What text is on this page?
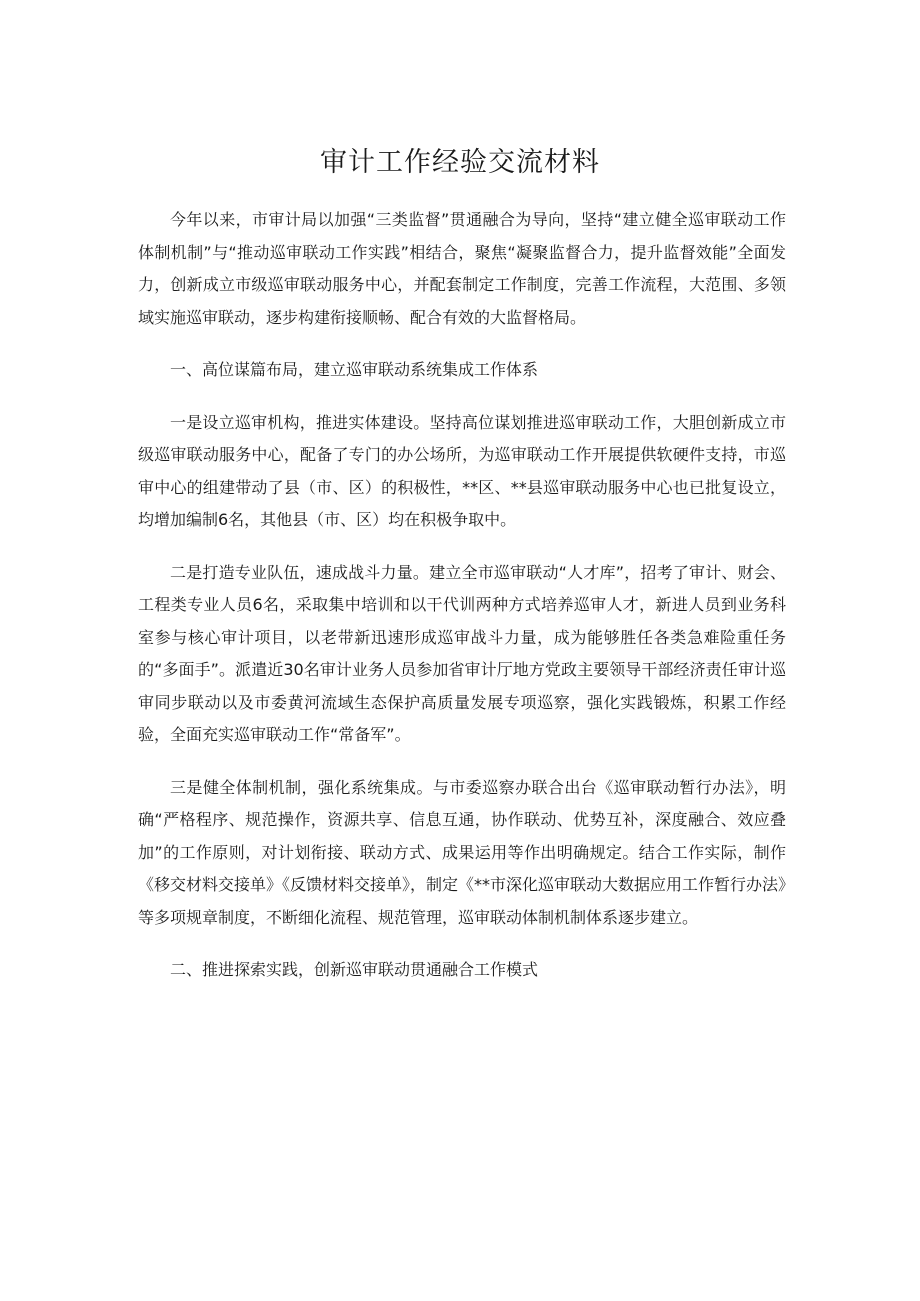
审计工作经验交流材料

今年以来，市审计局以加强“三类监督”贯通融合为导向，坚持“建立健全巡审联动工作体制机制”与“推动巡审联动工作实践”相结合，聚焦“凝聚监督合力，提升监督效能”全面发力，创新成立市级巡审联动服务中心，并配套制定工作制度，完善工作流程，大范围、多领域实施巡审联动，逐步构建衔接顺畅、配合有效的大监督格局。

一、高位谋篇布局，建立巡审联动系统集成工作体系

一是设立巡审机构，推进实体建设。坚持高位谋划推进巡审联动工作，大胆创新成立市级巡审联动服务中心，配备了专门的办公场所，为巡审联动工作开展提供软硬件支持，市巡审中心的组建带动了县（市、区）的积极性，**区、**县巡审联动服务中心也已批复设立，均增加编制6名，其他县（市、区）均在积极争取中。

二是打造专业队伍，速成战斗力量。建立全市巡审联动“人才库”，招考了审计、财会、工程类专业人员6名，采取集中培训和以干代训两种方式培养巡审人才，新进人员到业务科室参与核心审计项目，以老带新迅速形成巡审战斗力量，成为能够胜任各类急难险重任务的“多面手”。派遣近30名审计业务人员参加省审计厅地方党政主要领导干部经济责任审计巡审同步联动以及市委黄河流域生态保护高质量发展专项巡察，强化实践锻炼，积累工作经验，全面充实巡审联动工作“常备军”。

三是健全体制机制，强化系统集成。与市委巡察办联合出台《巡审联动暂行办法》，明确“严格程序、规范操作，资源共享、信息互通，协作联动、优势互补，深度融合、效应叠加”的工作原则，对计划衔接、联动方式、成果运用等作出明确规定。结合工作实际，制作《移交材料交接单》《反馈材料交接单》，制定《**市深化巡审联动大数据应用工作暂行办法》等多项规章制度，不断细化流程、规范管理，巡审联动体制机制体系逐步建立。

二、推进探索实践，创新巡审联动贯通融合工作模式
